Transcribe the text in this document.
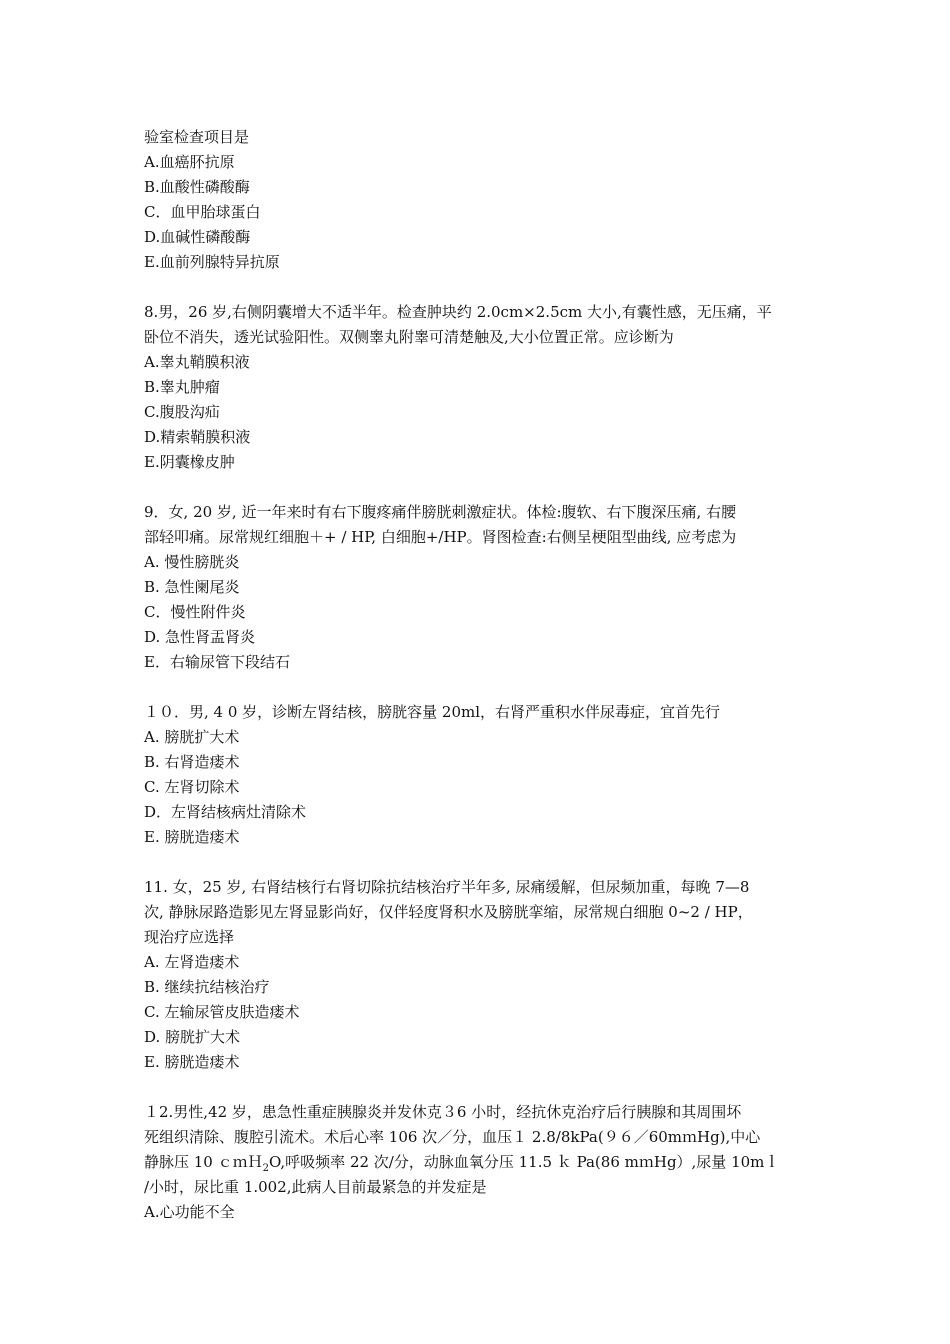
验室检查项目是
A.血癌肧抗原
B.血酸性磷酸酶
C．血甲胎球蛋白
D.血碱性磷酸酶
E.血前列腺特异抗原
8.男，26 岁,右侧阴囊增大不适半年。检查肿块约 2.0cm×2.5cm 大小,有囊性感，无压痛，平
卧位不消失，透光试验阳性。双侧睾丸附睾可清楚触及,大小位置正常。应诊断为
A.睾丸鞘膜积液
B.睾丸肿瘤
C.腹股沟疝
D.精索鞘膜积液
E.阴囊橡皮肿
9．女, 20 岁, 近一年来时有右下腹疼痛伴膀胱刺激症状。体检:腹软、右下腹深压痛, 右腰
部轻叩痛。尿常规红细胞＋+ / HP, 白细胞+/HP。肾图检查:右侧呈梗阻型曲线, 应考虑为
A. 慢性膀胱炎
B. 急性阑尾炎
C．慢性附件炎
D. 急性肾盂肾炎
E．右输尿管下段结石
１０．男, 4 0 岁，诊断左肾结核，膀胱容量 20ml，右肾严重积水伴尿毒症，宜首先行
A. 膀胱扩大术
B. 右肾造瘘术
C. 左肾切除术
D．左肾结核病灶清除术
E. 膀胱造瘘术
11. 女，25 岁, 右肾结核行右肾切除抗结核治疗半年多, 尿痛缓解，但尿频加重，每晚 7—8
次, 静脉尿路造影见左肾显影尚好，仅伴轻度肾积水及膀胱挛缩，尿常规白细胞 0~2 / HP，
现治疗应选择
A. 左肾造瘘术
B. 继续抗结核治疗
C. 左输尿管皮肤造瘘术
D. 膀胱扩大术
E. 膀胱造瘘术
１2.男性,42 岁，患急性重症胰腺炎并发休克３6 小时，经抗休克治疗后行胰腺和其周围坏
死组织清除、腹腔引流术。术后心率 106 次／分，血压１ 2.8/8kPa(９６／60mｍHg),中心
静脉压 10 ｃｍＨ$_2$O,呼吸频率 22 次/分，动脉血氧分压 11.5 ｋ Pa(86 mｍHg）,尿量 10mｌ
/小时，尿比重 1.002,此病人目前最紧急的并发症是
A.心功能不全
